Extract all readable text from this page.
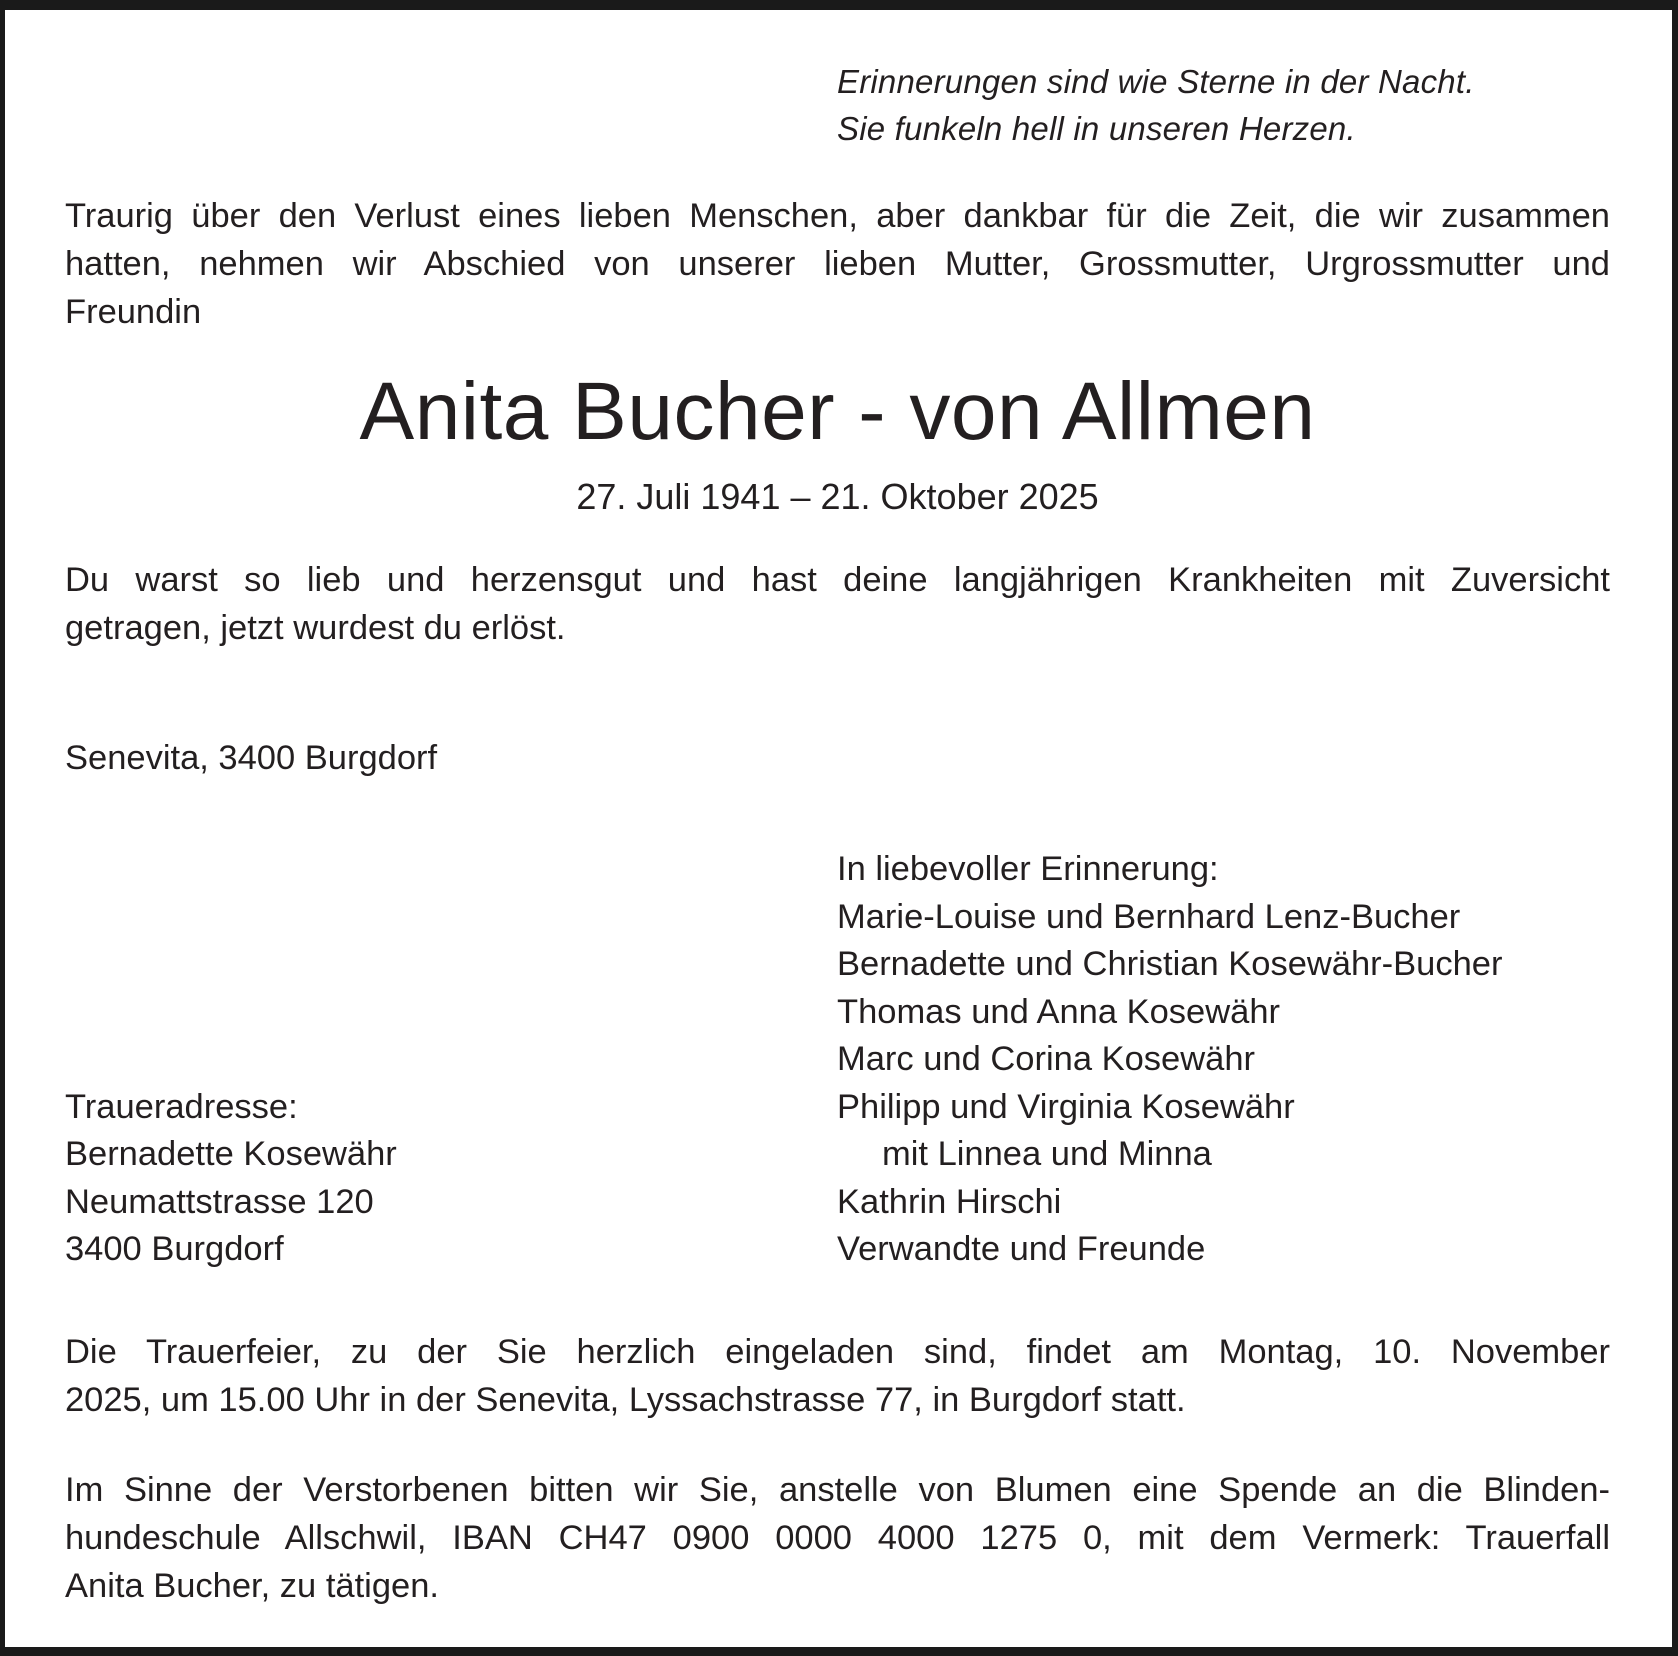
Erinnerungen sind wie Sterne in der Nacht.
Sie funkeln hell in unseren Herzen.
Traurig über den Verlust eines lieben Menschen, aber dankbar für die Zeit, die wir zusammen
hatten, nehmen wir Abschied von unserer lieben Mutter, Grossmutter, Urgrossmutter und
Freundin
Anita Bucher - von Allmen
27. Juli 1941 – 21. Oktober 2025
Du warst so lieb und herzensgut und hast deine langjährigen Krankheiten mit Zuversicht
getragen, jetzt wurdest du erlöst.
Senevita, 3400 Burgdorf
In liebevoller Erinnerung:
Marie-Louise und Bernhard Lenz-Bucher
Bernadette und Christian Kosewähr-Bucher
Thomas und Anna Kosewähr
Marc und Corina Kosewähr
Traueradresse:	Philipp und Virginia Kosewähr
Bernadette Kosewähr	mit Linnea und Minna
Neumattstrasse 120	Kathrin Hirschi
3400 Burgdorf	Verwandte und Freunde
Die Trauerfeier, zu der Sie herzlich eingeladen sind, findet am Montag, 10. November
2025, um 15.00 Uhr in der Senevita, Lyssachstrasse 77, in Burgdorf statt.
Im Sinne der Verstorbenen bitten wir Sie, anstelle von Blumen eine Spende an die Blinden-
hundeschule Allschwil, IBAN CH47 0900 0000 4000 1275 0, mit dem Vermerk: Trauerfall
Anita Bucher, zu tätigen.
